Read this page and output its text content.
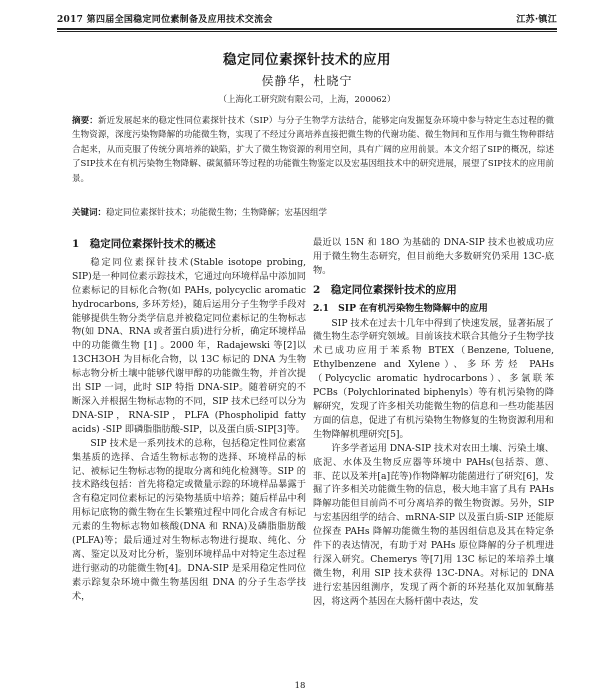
2017 第四届全国稳定同位素制备及应用技术交流会	江苏·镇江
稳定同位素探针技术的应用
侯静华，杜晓宁
（上海化工研究院有限公司，上海，200062）
摘要：新近发展起来的稳定性同位素探针技术（SIP）与分子生物学方法结合，能够定向发掘复杂环境中参与特定生态过程的微生物资源，深度污染物降解的功能微生物，实现了不经过分离培养直接把微生物的代谢功能、微生物间和互作用与微生物种群结合起来，从而克服了传统分离培养的缺陷，扩大了微生物资源的利用空间，具有广阔的应用前景。本文介绍了SIP的概况，综述了SIP技术在有机污染物生物降解、碳氮循环等过程的功能微生物鉴定以及宏基因组技术中的研究进展，展望了SIP技术的应用前景。
关键词：稳定同位素探针技术；功能微生物；生物降解；宏基因组学
1　稳定同位素探针技术的概述

稳定同位素探针技术(Stable isotope probing, SIP)是一种同位素示踪技术，它通过向环境样品中添加同位素标记的目标化合物(如 PAHs, polycyclic aromatic hydrocarbons, 多环芳烃)，随后运用分子生物学手段对能够提供生物分类学信息并被稳定同位素标记的生物标志物(如 DNA、RNA 或者蛋白质)进行分析，确定环境样品中的功能微生物 [1] 。2000 年，Radajewski 等[2]以 13CH3OH 为目标化合物，以 13C 标记的 DNA 为生物标志物分析土壤中能够代谢甲醇的功能微生物，并首次提出 SIP 一词，此时 SIP 特指 DNA-SIP。随着研究的不断深入并根据生物标志物的不同，SIP 技术已经可以分为 DNA-SIP，RNA-SIP，PLFA (Phospholipid fatty acids) -SIP 即磷脂脂肪酸-SIP，以及蛋白质-SIP[3]等。

SIP 技术是一系列技术的总称，包括稳定性同位素富集基质的选择、合适生物标志物的选择、环境样品的标记、被标记生物标志物的提取分离和纯化检测等。SIP 的技术路线包括：首先将稳定或微量示踪的环境样品暴露于含有稳定同位素标记的污染物基质中培养；随后样品中利用标记底物的微生物在生长繁殖过程中同化合成含有标记元素的生物标志物如核酸(DNA 和 RNA)及磷脂脂肪酸(PLFA)等；最后通过对生物标志物进行提取、纯化、分离、鉴定以及对比分析，鉴别环境样品中对特定生态过程进行驱动的功能微生物[4]。DNA-SIP 是采用稳定性同位素示踪复杂环境中微生物基因组 DNA 的分子生态学技术，

最近以 15N 和 18O 为基础的 DNA-SIP 技术也被成功应用于微生物生态研究，但目前绝大多数研究仍采用 13C-底物。

2　稳定同位素探针技术的应用
2.1　SIP 在有机污染物生物降解中的应用

SIP 技术在过去十几年中得到了快速发展，显著拓展了微生物生态学研究领域。目前该技术联合其他分子生物学技术已成功应用于苯系物 BTEX（Benzene, Toluene, Ethylbenzene and Xylene）、多环芳烃 PAHs（Polycyclic aromatic hydrocarbons）、多氯联苯 PCBs（Polychlorinated biphenyls）等有机污染物的降解研究，发现了许多相关功能微生物的信息和一些功能基因方面的信息，促进了有机污染物生物修复的生物资源利用和生物降解机理研究[5]。

许多学者运用 DNA-SIP 技术对农田土壤、污染土壤、底泥、水体及生物反应器等环境中 PAHs(包括萘、蒽、菲、芘以及苯并[a]芘等)作物降解功能菌进行了研究[6]，发掘了许多相关功能微生物的信息，极大地丰富了具有 PAHs 降解功能但目前尚不可分离培养的微生物资源。另外，SIP 与宏基因组学的结合、mRNA-SIP 以及蛋白质-SIP 还能原位探查 PAHs 降解功能微生物的基因组信息及其在特定条件下的表达情况，有助于对 PAHs 原位降解的分子机理进行深入研究。Chemerys 等[7]用 13C 标记的苯培养土壤微生物，利用 SIP 技术获得 13C-DNA。对标记的 DNA 进行宏基因组测序，发现了两个新的环羟基化双加氧酶基因，将这两个基因在大肠杆菌中表达，发

18
